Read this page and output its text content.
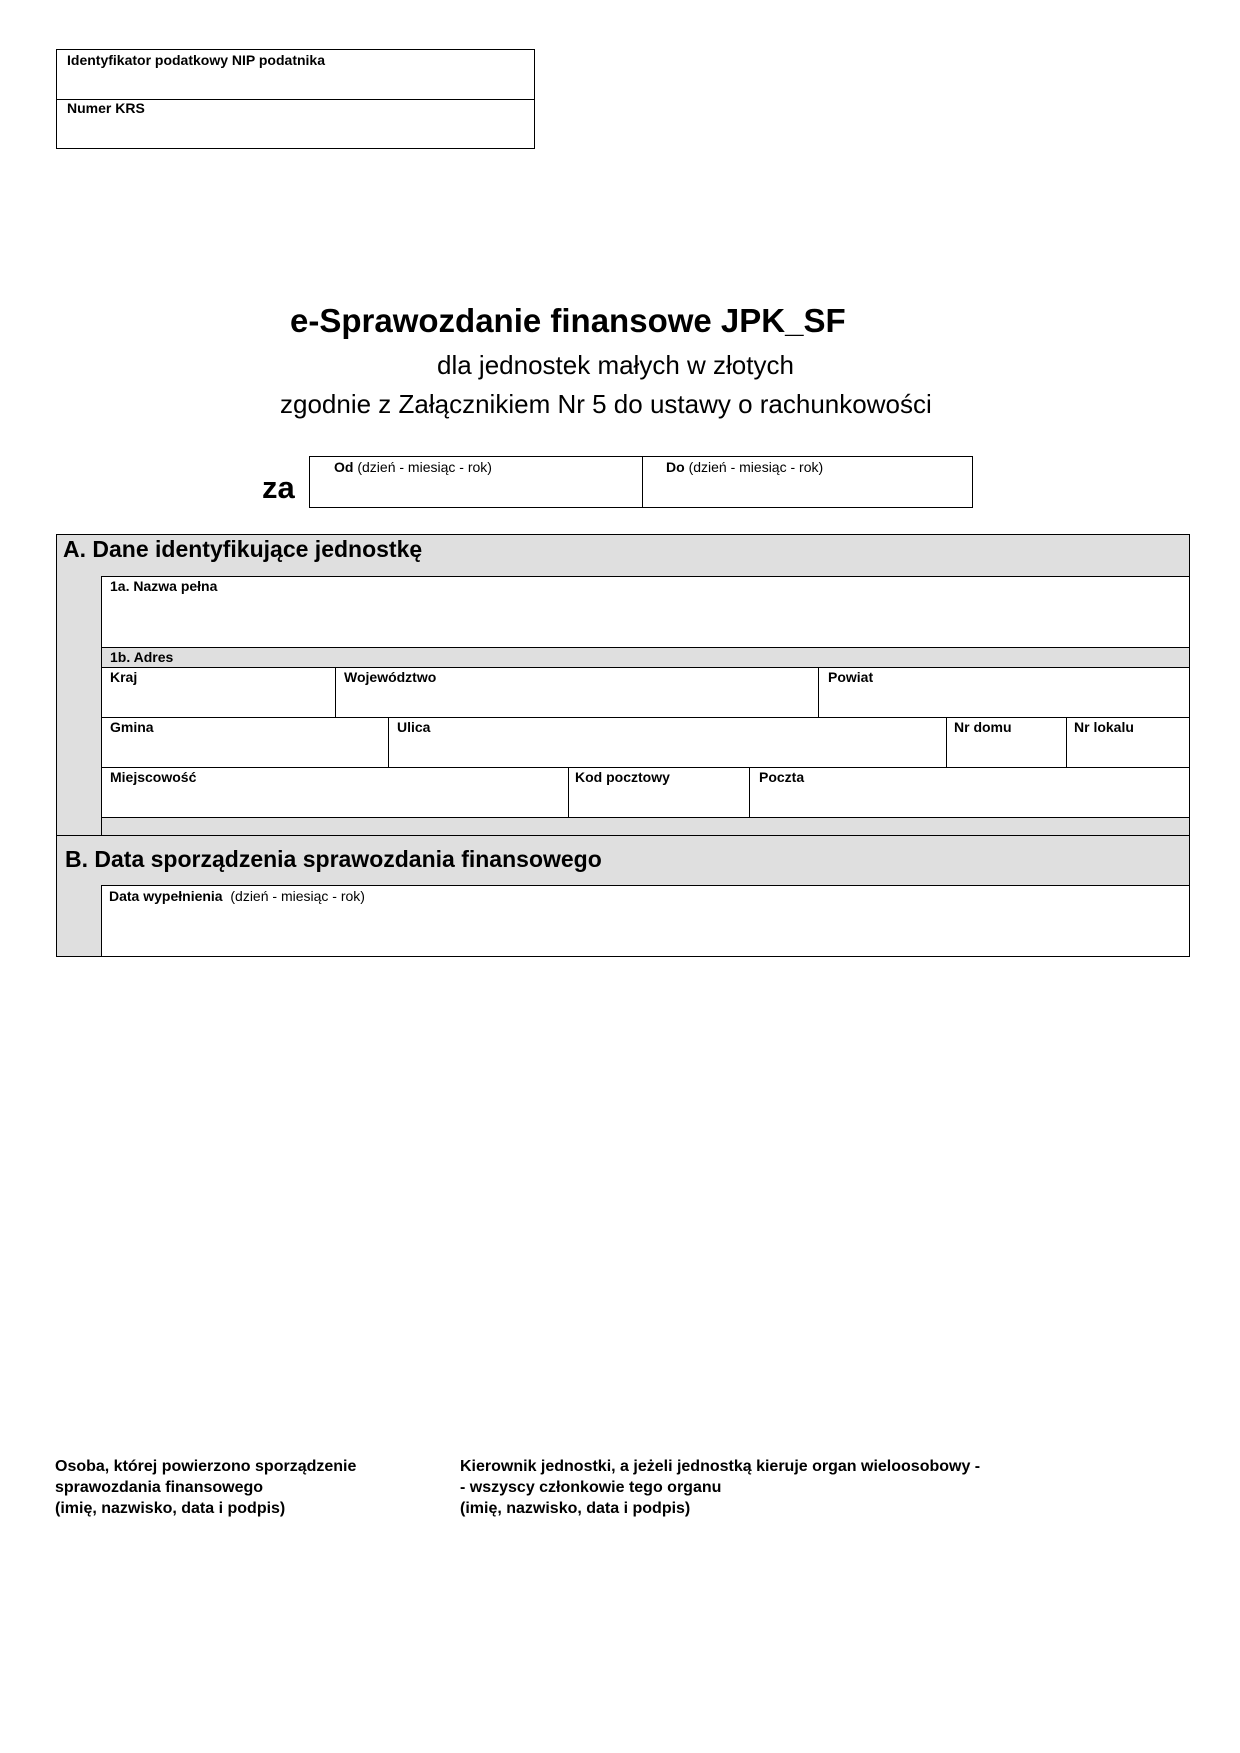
Identyfikator podatkowy NIP podatnika
Numer KRS
e-Sprawozdanie finansowe JPK_SF
dla jednostek małych w złotych
zgodnie z Załącznikiem Nr 5 do ustawy o rachunkowości
za
Od (dzień - miesiąc - rok)	Do (dzień - miesiąc - rok)
A. Dane identyfikujące jednostkę
1a. Nazwa pełna
1b. Adres
Kraj	Województwo	Powiat
Gmina	Ulica	Nr domu	Nr lokalu
Miejscowość	Kod pocztowy	Poczta
B. Data sporządzenia sprawozdania finansowego
Data wypełnienia (dzień - miesiąc - rok)
Osoba, której powierzono sporządzenie
sprawozdania finansowego
(imię, nazwisko, data i podpis)
Kierownik jednostki, a jeżeli jednostką kieruje organ wieloosobowy -
- wszyscy członkowie tego organu
(imię, nazwisko, data i podpis)
